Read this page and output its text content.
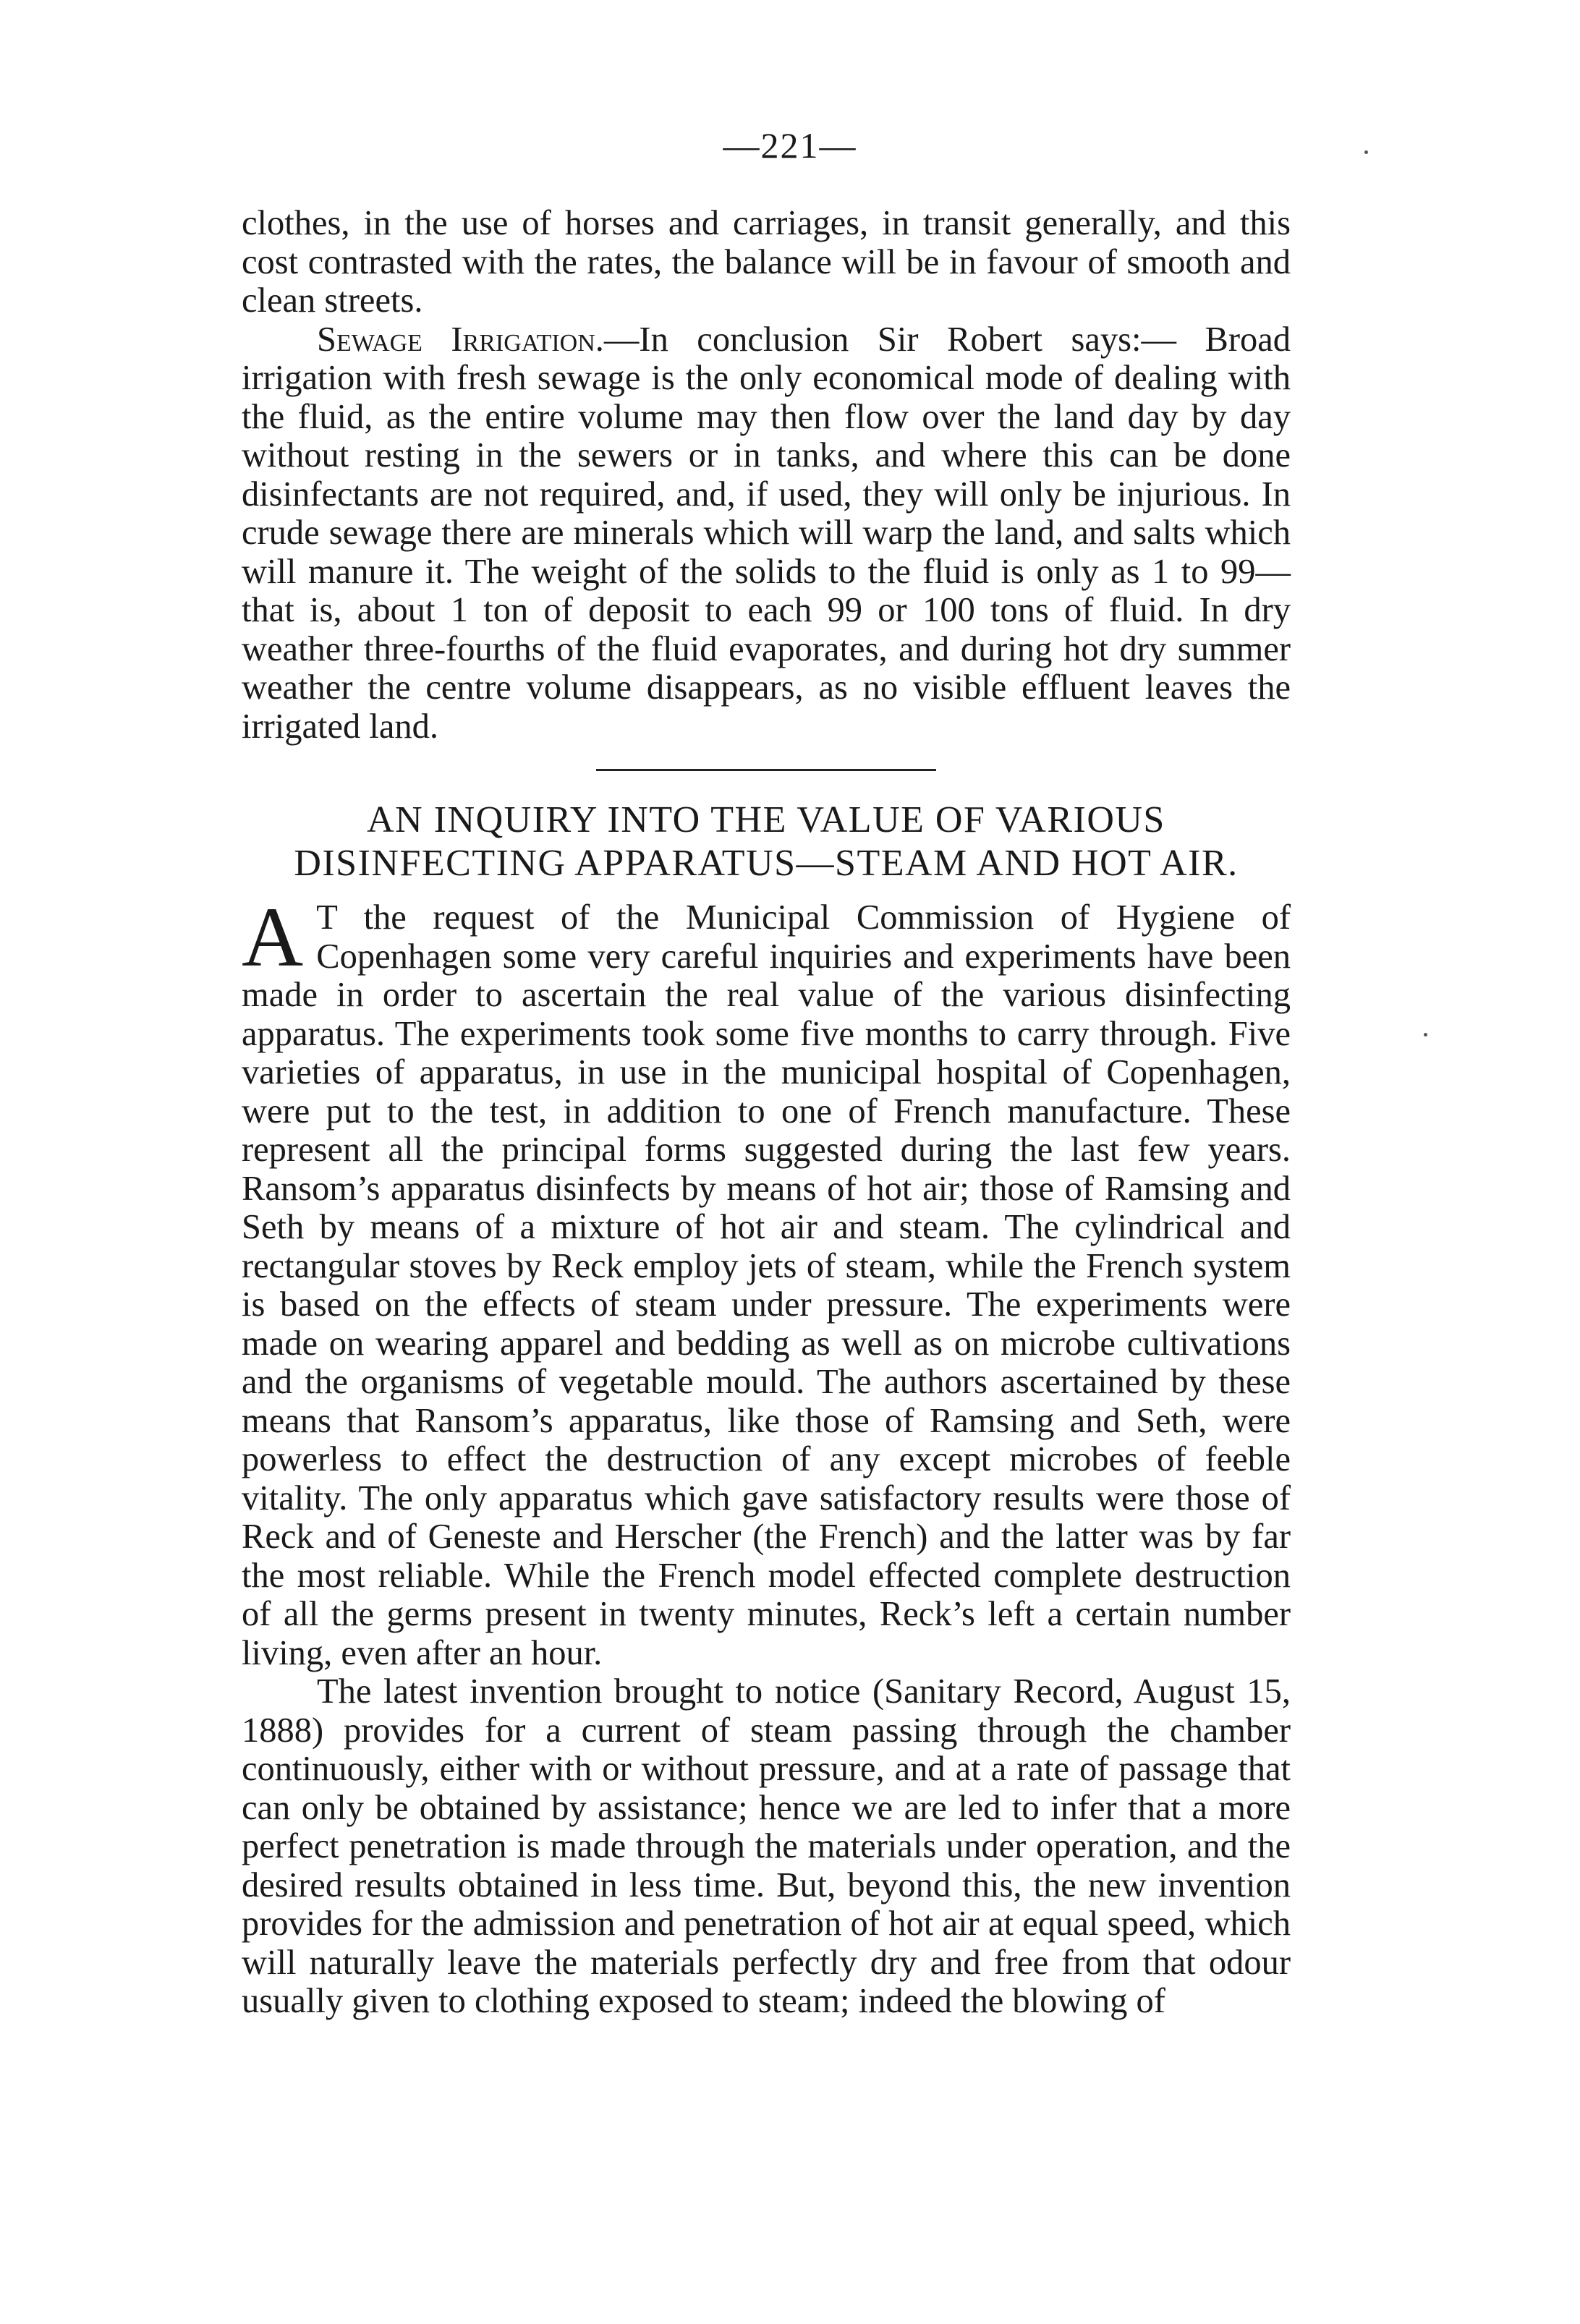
—221—

clothes, in the use of horses and carriages, in transit generally, and this cost contrasted with the rates, the balance will be in favour of smooth and clean streets.

Sewage Irrigation.—In conclusion Sir Robert says:— Broad irrigation with fresh sewage is the only economical mode of dealing with the fluid, as the entire volume may then flow over the land day by day without resting in the sewers or in tanks, and where this can be done disinfectants are not required, and, if used, they will only be injurious. In crude sewage there are minerals which will warp the land, and salts which will manure it. The weight of the solids to the fluid is only as 1 to 99—that is, about 1 ton of deposit to each 99 or 100 tons of fluid. In dry weather three-fourths of the fluid evaporates, and during hot dry summer weather the centre volume disappears, as no visible effluent leaves the irrigated land.

AN INQUIRY INTO THE VALUE OF VARIOUS DISINFECTING APPARATUS—STEAM AND HOT AIR.

A T the request of the Municipal Commission of Hygiene of Copenhagen some very careful inquiries and experiments have been made in order to ascertain the real value of the various disinfecting apparatus. The experiments took some five months to carry through. Five varieties of apparatus, in use in the municipal hospital of Copenhagen, were put to the test, in addition to one of French manufacture. These represent all the principal forms suggested during the last few years. Ransom’s apparatus disinfects by means of hot air; those of Ramsing and Seth by means of a mixture of hot air and steam. The cylindrical and rectangular stoves by Reck employ jets of steam, while the French system is based on the effects of steam under pressure. The experiments were made on wearing apparel and bedding as well as on microbe cultivations and the organisms of vegetable mould. The authors ascertained by these means that Ransom’s apparatus, like those of Ramsing and Seth, were powerless to effect the destruction of any except microbes of feeble vitality. The only apparatus which gave satisfactory results were those of Reck and of Geneste and Herscher (the French) and the latter was by far the most reliable. While the French model effected complete destruction of all the germs present in twenty minutes, Reck’s left a certain number living, even after an hour.

The latest invention brought to notice (Sanitary Record, August 15, 1888) provides for a current of steam passing through the chamber continuously, either with or without pressure, and at a rate of passage that can only be obtained by assistance; hence we are led to infer that a more perfect penetration is made through the materials under operation, and the desired results obtained in less time. But, beyond this, the new invention provides for the admission and penetration of hot air at equal speed, which will naturally leave the materials perfectly dry and free from that odour usually given to clothing exposed to steam; indeed the blowing of
